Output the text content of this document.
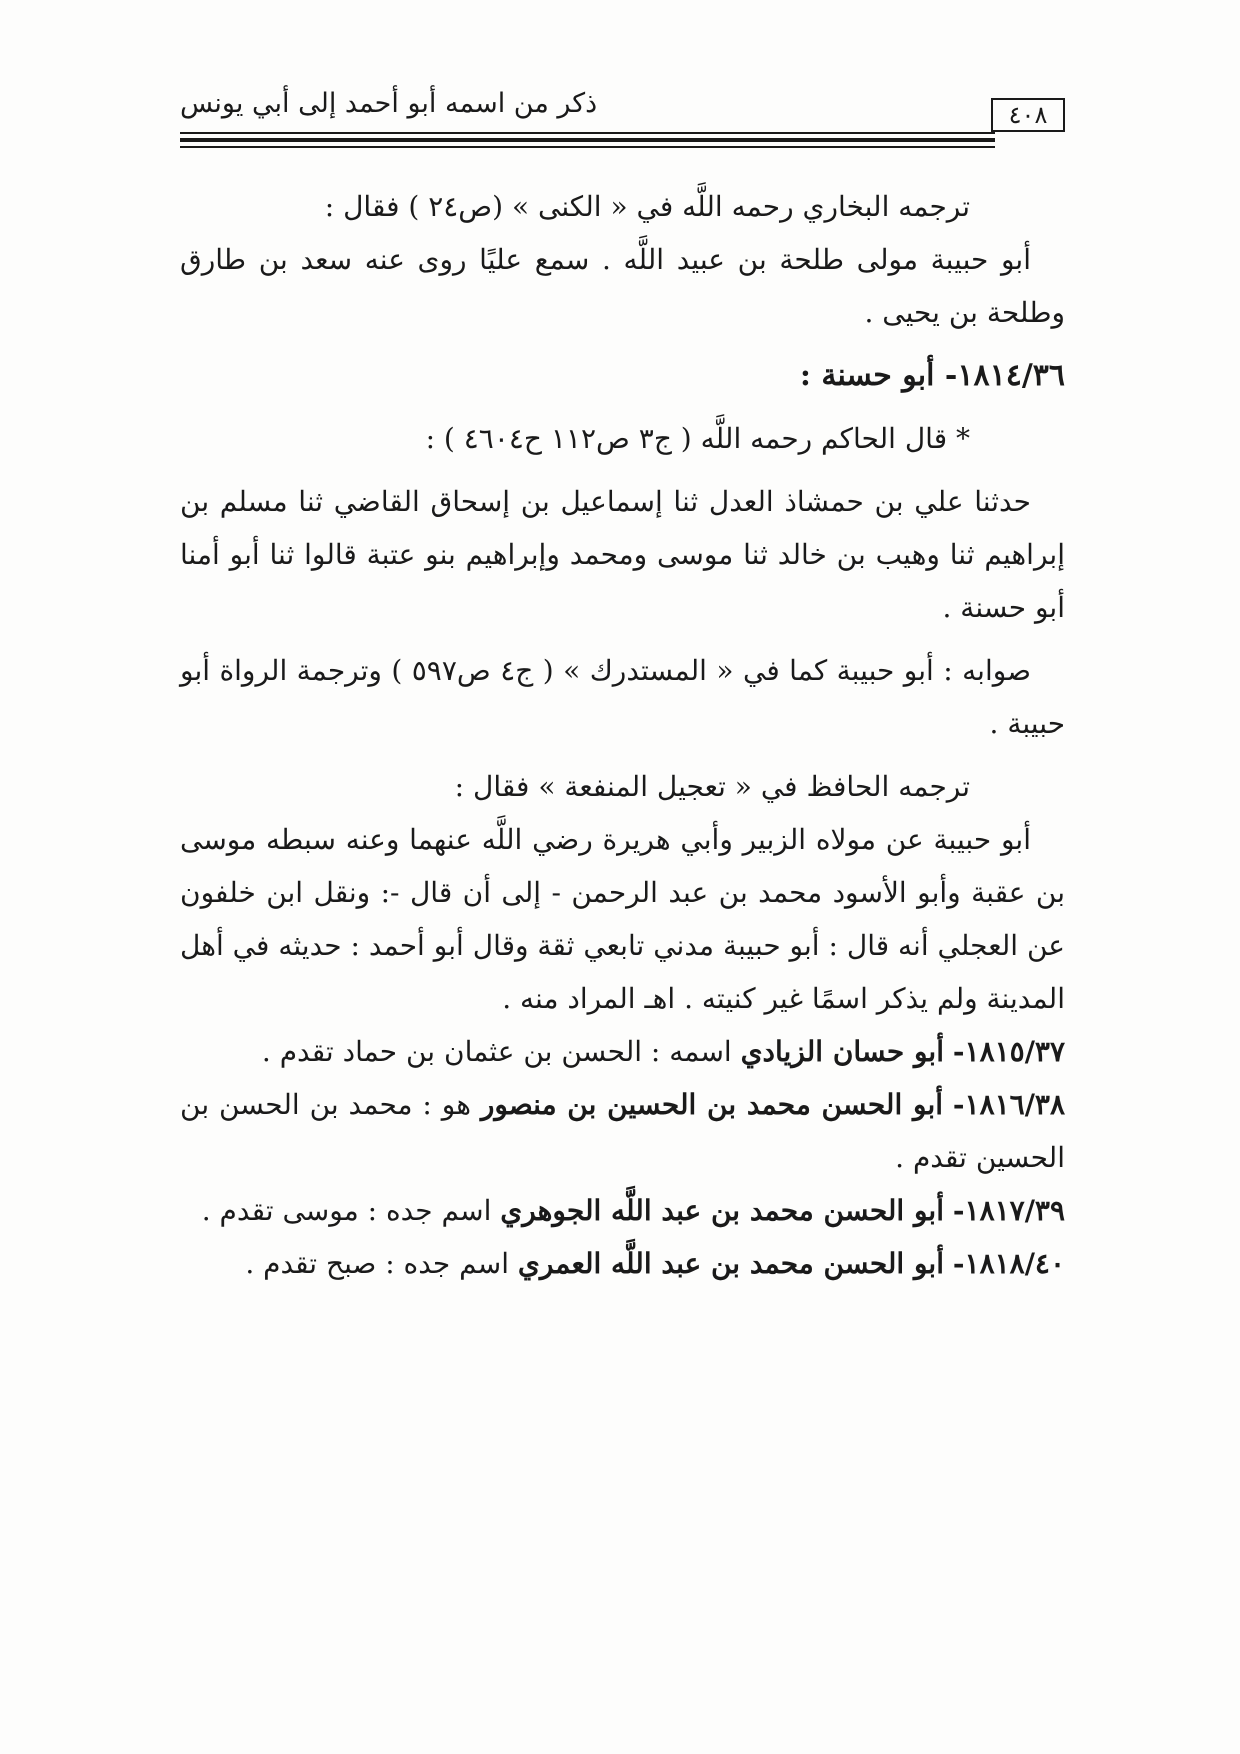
ذكر من اسمه أبو أحمد إلى أبي يونس	٤٠٨

ترجمه البخاري رحمه اللَّه في « الكنى » (ص٢٤ ) فقال :

أبو حبيبة مولى طلحة بن عبيد اللَّه . سمع عليًا روى عنه سعد بن طارق وطلحة بن يحيى .

١٨١٤/٣٦- أبو حسنة :

* قال الحاكم رحمه اللَّه ( ج٣ ص١١٢ ح٤٦٠٤ ) :

حدثنا علي بن حمشاذ العدل ثنا إسماعيل بن إسحاق القاضي ثنا مسلم بن إبراهيم ثنا وهيب بن خالد ثنا موسى ومحمد وإبراهيم بنو عتبة قالوا ثنا أبو أمنا أبو حسنة .

صوابه : أبو حبيبة كما في « المستدرك » ( ج٤ ص٥٩٧ ) وترجمة الرواة أبو حبيبة .

ترجمه الحافظ في « تعجيل المنفعة » فقال :

أبو حبيبة عن مولاه الزبير وأبي هريرة رضي اللَّه عنهما وعنه سبطه موسى بن عقبة وأبو الأسود محمد بن عبد الرحمن - إلى أن قال -: ونقل ابن خلفون عن العجلي أنه قال : أبو حبيبة مدني تابعي ثقة وقال أبو أحمد : حديثه في أهل المدينة ولم يذكر اسمًا غير كنيته . اهـ المراد منه .

١٨١٥/٣٧- أبو حسان الزيادي اسمه : الحسن بن عثمان بن حماد تقدم .

١٨١٦/٣٨- أبو الحسن محمد بن الحسين بن منصور هو : محمد بن الحسن بن الحسين تقدم .

١٨١٧/٣٩- أبو الحسن محمد بن عبد اللَّه الجوهري اسم جده : موسى تقدم .

١٨١٨/٤٠- أبو الحسن محمد بن عبد اللَّه العمري اسم جده : صبح تقدم .
